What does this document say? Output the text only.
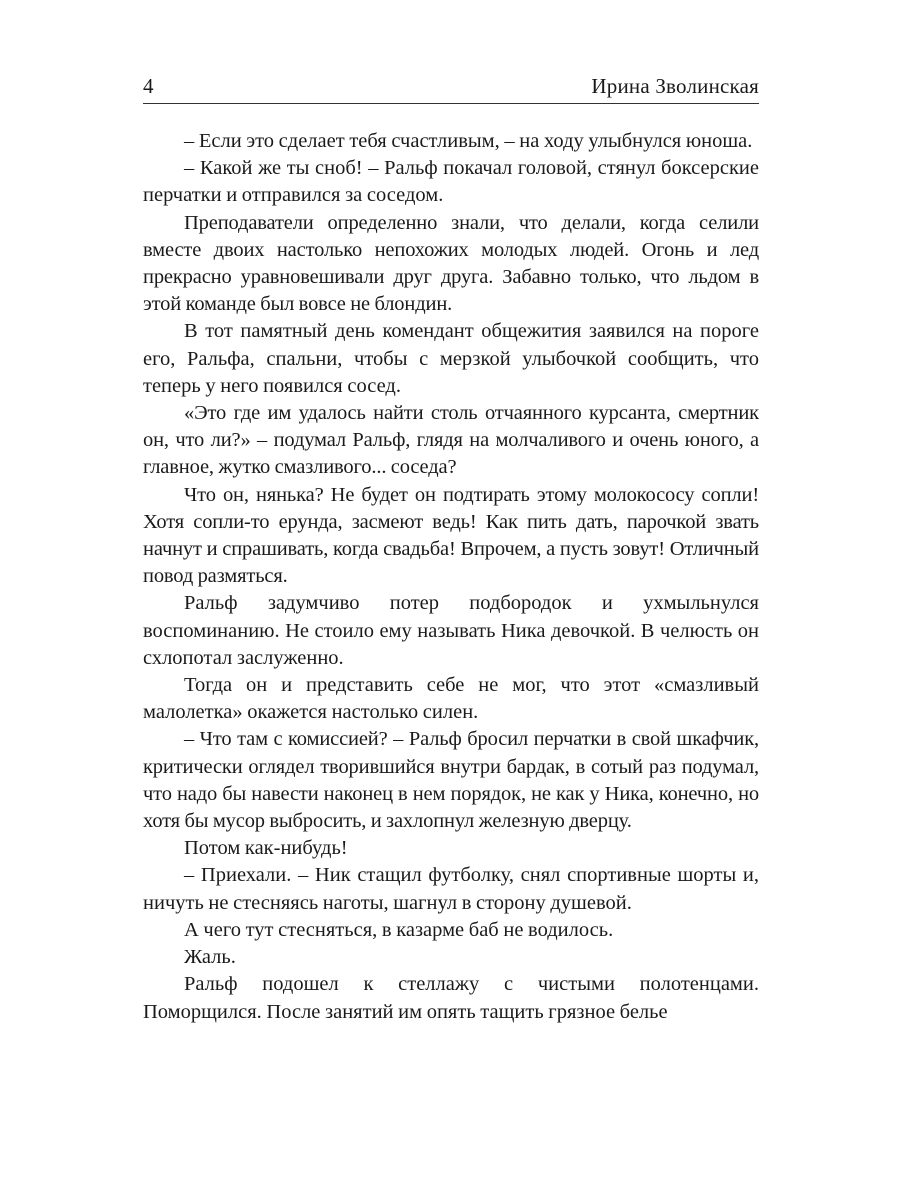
4	Ирина Зволинская

– Если это сделает тебя счастливым, – на ходу улыбнулся юноша.

– Какой же ты сноб! – Ральф покачал головой, стянул боксерские перчатки и отправился за соседом.

Преподаватели определенно знали, что делали, когда селили вместе двоих настолько непохожих молодых людей. Огонь и лед прекрасно уравновешивали друг друга. Забавно только, что льдом в этой команде был вовсе не блондин.

В тот памятный день комендант общежития заявился на пороге его, Ральфа, спальни, чтобы с мерзкой улыбочкой сообщить, что теперь у него появился сосед.

«Это где им удалось найти столь отчаянного курсанта, смертник он, что ли?» – подумал Ральф, глядя на молчаливого и очень юного, а главное, жутко смазливого... соседа?

Что он, нянька? Не будет он подтирать этому молокососу сопли! Хотя сопли-то ерунда, засмеют ведь! Как пить дать, парочкой звать начнут и спрашивать, когда свадьба! Впрочем, а пусть зовут! Отличный повод размяться.

Ральф задумчиво потер подбородок и ухмыльнулся воспоминанию. Не стоило ему называть Ника девочкой. В челюсть он схлопотал заслуженно.

Тогда он и представить себе не мог, что этот «смазливый малолетка» окажется настолько силен.

– Что там с комиссией? – Ральф бросил перчатки в свой шкафчик, критически оглядел творившийся внутри бардак, в сотый раз подумал, что надо бы навести наконец в нем порядок, не как у Ника, конечно, но хотя бы мусор выбросить, и захлопнул железную дверцу.

Потом как-нибудь!

– Приехали. – Ник стащил футболку, снял спортивные шорты и, ничуть не стесняясь наготы, шагнул в сторону душевой.

А чего тут стесняться, в казарме баб не водилось.

Жаль.

Ральф подошел к стеллажу с чистыми полотенцами. Поморщился. После занятий им опять тащить грязное белье
